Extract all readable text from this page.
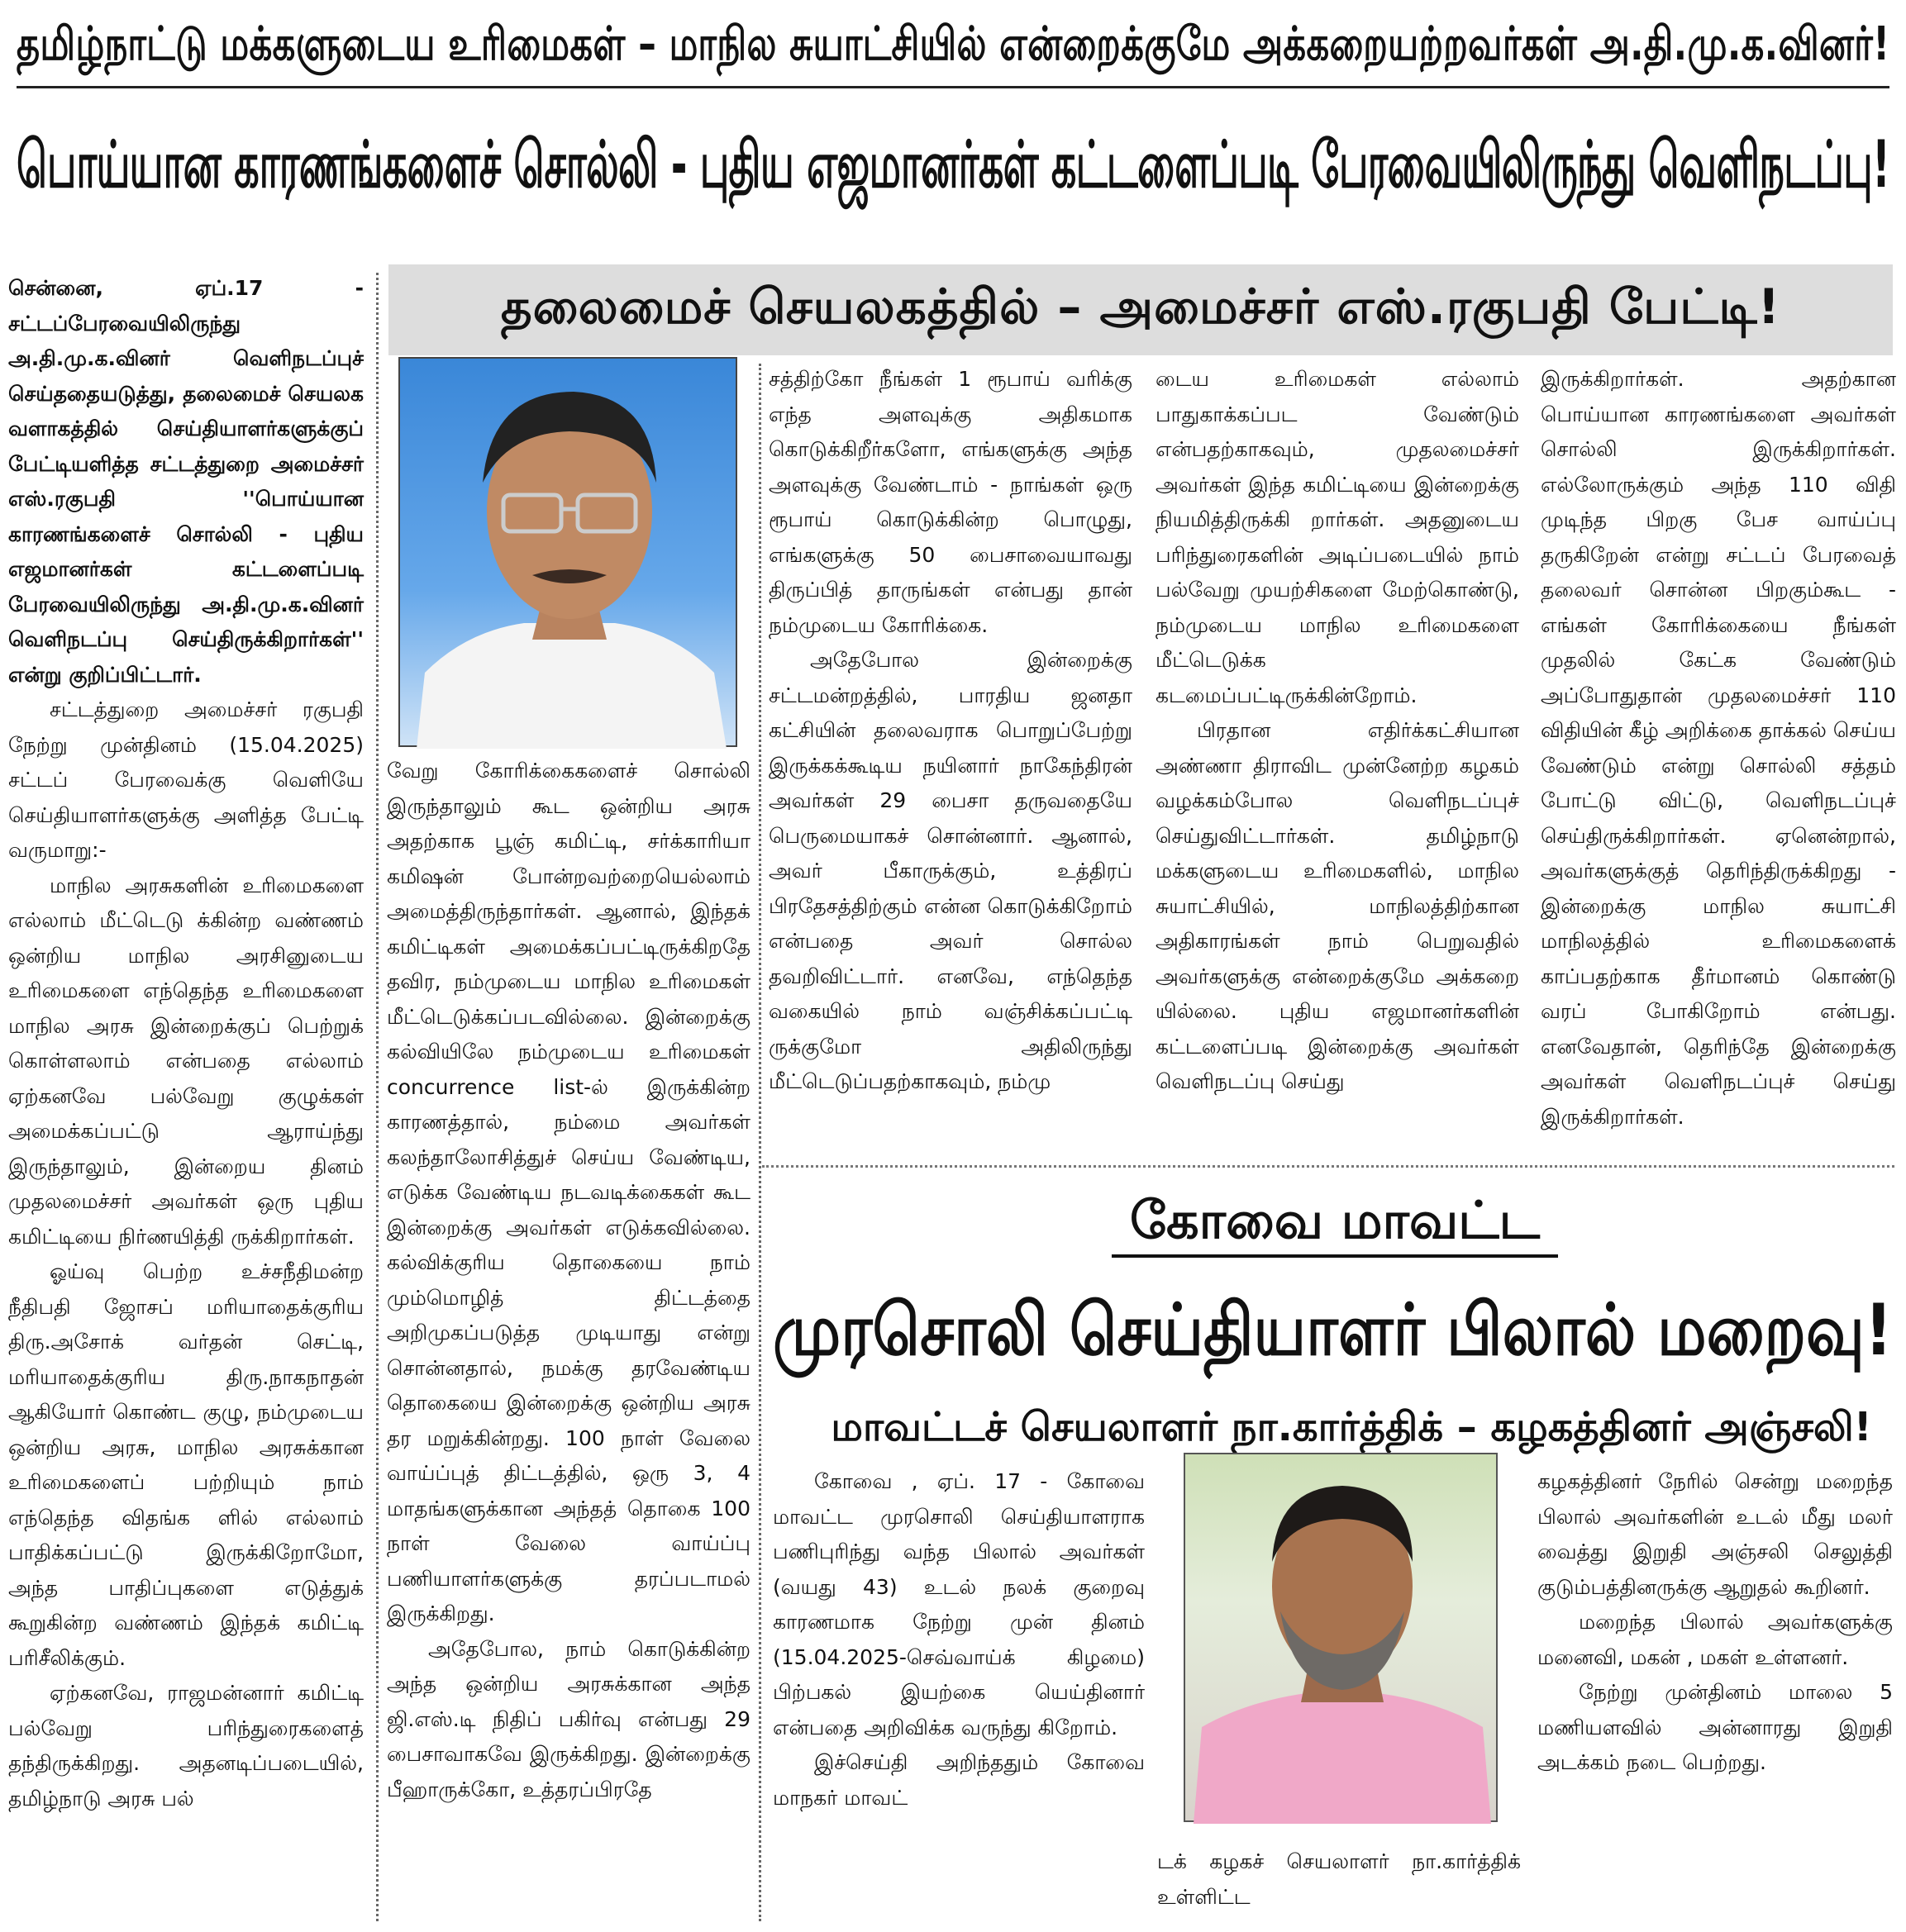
தமிழ்நாட்டு மக்களுடைய உரிமைகள் – மாநில சுயாட்சியில் என்றைக்குமே அக்கறையற்றவர்கள் அ.தி.மு.க.வினர்!
பொய்யான காரணங்களைச் சொல்லி - புதிய எஜமானர்கள் கட்டளைப்படி பேரவையிலிருந்து வெளிநடப்பு!

சென்னை, ஏப்.17 - சட்டப்பேரவையிலிருந்து அ.தி.மு.க.வினர் வெளிநடப்புச் செய்ததையடுத்து, தலைமைச் செயலக வளாகத்தில் செய்தியாளர்களுக்குப் பேட்டியளித்த சட்டத்துறை அமைச்சர் எஸ்.ரகுபதி ''பொய்யான காரணங்களைச் சொல்லி - புதிய எஜமானர்கள் கட்டளைப்படி பேரவையிலிருந்து அ.தி.மு.க.வினர் வெளிநடப்பு செய்திருக்கிறார்கள்'' என்று குறிப்பிட்டார்.

சட்டத்துறை அமைச்சர் ரகுபதி நேற்று முன்தினம் (15.04.2025) சட்டப் பேரவைக்கு வெளியே செய்தியாளர்களுக்கு அளித்த பேட்டி வருமாறு:-

மாநில அரசுகளின் உரிமைகளை எல்லாம் மீட்டெடு க்கின்ற வண்ணம் ஒன்றிய மாநில அரசினுடைய உரிமைகளை எந்தெந்த உரிமைகளை மாநில அரசு இன்றைக்குப் பெற்றுக் கொள்ளலாம் என்பதை எல்லாம் ஏற்கனவே பல்வேறு குழுக்கள் அமைக்கப்பட்டு ஆராய்ந்து இருந்தாலும், இன்றைய தினம் முதலமைச்சர் அவர்கள் ஒரு புதிய கமிட்டியை நிர்ணயித்தி ருக்கிறார்கள்.

ஓய்வு பெற்ற உச்சநீதிமன்ற நீதிபதி ஜோசப் மரியாதைக்குரிய திரு.அசோக் வர்தன் செட்டி, மரியாதைக்குரிய திரு.நாகநாதன் ஆகியோர் கொண்ட குழு, நம்முடைய ஒன்றிய அரசு, மாநில அரசுக்கான உரிமைகளைப் பற்றியும் நாம் எந்தெந்த விதங்க ளில் எல்லாம் பாதிக்கப்பட்டு இருக்கிறோமோ, அந்த பாதிப்புகளை எடுத்துக் கூறுகின்ற வண்ணம் இந்தக் கமிட்டி பரிசீலிக்கும்.

ஏற்கனவே, ராஜமன்னார் கமிட்டி பல்வேறு பரிந்துரைகளைத் தந்திருக்கிறது. அதனடிப்படையில், தமிழ்நாடு அரசு பல்

தலைமைச் செயலகத்தில் – அமைச்சர் எஸ்.ரகுபதி பேட்டி!

வேறு கோரிக்கைகளைச் சொல்லி இருந்தாலும் கூட ஒன்றிய அரசு அதற்காக பூஞ் கமிட்டி, சர்க்காரியா கமிஷன் போன்றவற்றையெல்லாம் அமைத்திருந்தார்கள். ஆனால், இந்தக் கமிட்டிகள் அமைக்கப்பட்டிருக்கிறதே தவிர, நம்முடைய மாநில உரிமைகள் மீட்டெடுக்கப்படவில்லை. இன்றைக்கு கல்வியிலே நம்முடைய உரிமைகள் concurrence list-ல் இருக்கின்ற காரணத்தால், நம்மை அவர்கள் கலந்தாலோசித்துச் செய்ய வேண்டிய, எடுக்க வேண்டிய நடவடிக்கைகள் கூட இன்றைக்கு அவர்கள் எடுக்கவில்லை. கல்விக்குரிய தொகையை நாம் மும்மொழித் திட்டத்தை அறிமுகப்படுத்த முடியாது என்று சொன்னதால், நமக்கு தரவேண்டிய தொகையை இன்றைக்கு ஒன்றிய அரசு தர மறுக்கின்றது. 100 நாள் வேலை வாய்ப்புத் திட்டத்தில், ஒரு 3, 4 மாதங்களுக்கான அந்தத் தொகை 100 நாள் வேலை வாய்ப்பு பணியாளர்களுக்கு தரப்படாமல் இருக்கிறது.

அதேபோல, நாம் கொடுக்கின்ற அந்த ஒன்றிய அரசுக்கான அந்த ஜி.எஸ்.டி நிதிப் பகிர்வு என்பது 29 பைசாவாகவே இருக்கிறது. இன்றைக்கு பீஹாருக்கோ, உத்தரப்பிரதே

சத்திற்கோ நீங்கள் 1 ரூபாய் வரிக்கு எந்த அளவுக்கு அதிகமாக கொடுக்கிறீர்களோ, எங்களுக்கு அந்த அளவுக்கு வேண்டாம் - நாங்கள் ஒரு ரூபாய் கொடுக்கின்ற பொழுது, எங்களுக்கு 50 பைசாவையாவது திருப்பித் தாருங்கள் என்பது தான் நம்முடைய கோரிக்கை.

அதேபோல இன்றைக்கு சட்டமன்றத்தில், பாரதிய ஜனதா கட்சியின் தலைவராக பொறுப்பேற்று இருக்கக்கூடிய நயினார் நாகேந்திரன் அவர்கள் 29 பைசா தருவதையே பெருமையாகச் சொன்னார். ஆனால், அவர் பீகாருக்கும், உத்திரப் பிரதேசத்திற்கும் என்ன கொடுக்கிறோம் என்பதை அவர் சொல்ல தவறிவிட்டார். எனவே, எந்தெந்த வகையில் நாம் வஞ்சிக்கப்பட்டி ருக்குமோ அதிலிருந்து மீட்டெடுப்பதற்காகவும், நம்மு

டைய உரிமைகள் எல்லாம் பாதுகாக்கப்பட வேண்டும் என்பதற்காகவும், முதலமைச்சர் அவர்கள் இந்த கமிட்டியை இன்றைக்கு நியமித்திருக்கி றார்கள். அதனுடைய பரிந்துரைகளின் அடிப்படையில் நாம் பல்வேறு முயற்சிகளை மேற்கொண்டு, நம்முடைய மாநில உரிமைகளை மீட்டெடுக்க கடமைப்பட்டிருக்கின்றோம்.

பிரதான எதிர்க்கட்சியான அண்ணா திராவிட முன்னேற்ற கழகம் வழக்கம்போல வெளிநடப்புச் செய்துவிட்டார்கள். தமிழ்நாடு மக்களுடைய உரிமைகளில், மாநில சுயாட்சியில், மாநிலத்திற்கான அதிகாரங்கள் நாம் பெறுவதில் அவர்களுக்கு என்றைக்குமே அக்கறை யில்லை. புதிய எஜமானர்களின் கட்டளைப்படி இன்றைக்கு அவர்கள் வெளிநடப்பு செய்து

இருக்கிறார்கள். அதற்கான பொய்யான காரணங்களை அவர்கள் சொல்லி இருக்கிறார்கள். எல்லோருக்கும் அந்த 110 விதி முடிந்த பிறகு பேச வாய்ப்பு தருகிறேன் என்று சட்டப் பேரவைத் தலைவர் சொன்ன பிறகும்கூட - எங்கள் கோரிக்கையை நீங்கள் முதலில் கேட்க வேண்டும் அப்போதுதான் முதலமைச்சர் 110 விதியின் கீழ் அறிக்கை தாக்கல் செய்ய வேண்டும் என்று சொல்லி சத்தம் போட்டு விட்டு, வெளிநடப்புச் செய்திருக்கிறார்கள். ஏனென்றால், அவர்களுக்குத் தெரிந்திருக்கிறது - இன்றைக்கு மாநில சுயாட்சி மாநிலத்தில் உரிமைகளைக் காப்பதற்காக தீர்மானம் கொண்டு வரப் போகிறோம் என்பது. எனவேதான், தெரிந்தே இன்றைக்கு அவர்கள் வெளிநடப்புச் செய்து இருக்கிறார்கள்.

கோவை மாவட்ட
முரசொலி செய்தியாளர் பிலால் மறைவு!
மாவட்டச் செயலாளர் நா.கார்த்திக் – கழகத்தினர் அஞ்சலி!

கோவை , ஏப். 17 - கோவை மாவட்ட முரசொலி செய்தியாளராக பணிபுரிந்து வந்த பிலால் அவர்கள் (வயது 43) உடல் நலக் குறைவு காரணமாக நேற்று முன் தினம் (15.04.2025-செவ்வாய்க் கிழமை) பிற்பகல் இயற்கை யெய்தினார் என்பதை அறிவிக்க வருந்து கிறோம்.

இச்செய்தி அறிந்ததும் கோவை மாநகர் மாவட்

டக் கழகச் செயலாளர் நா.கார்த்திக் உள்ளிட்ட

கழகத்தினர் நேரில் சென்று மறைந்த பிலால் அவர்களின் உடல் மீது மலர் வைத்து இறுதி அஞ்சலி செலுத்தி குடும்பத்தினருக்கு ஆறுதல் கூறினர்.

மறைந்த பிலால் அவர்களுக்கு மனைவி, மகன் , மகள் உள்ளனர்.

நேற்று முன்தினம் மாலை 5 மணியளவில் அன்னாரது இறுதி அடக்கம் நடை பெற்றது.
